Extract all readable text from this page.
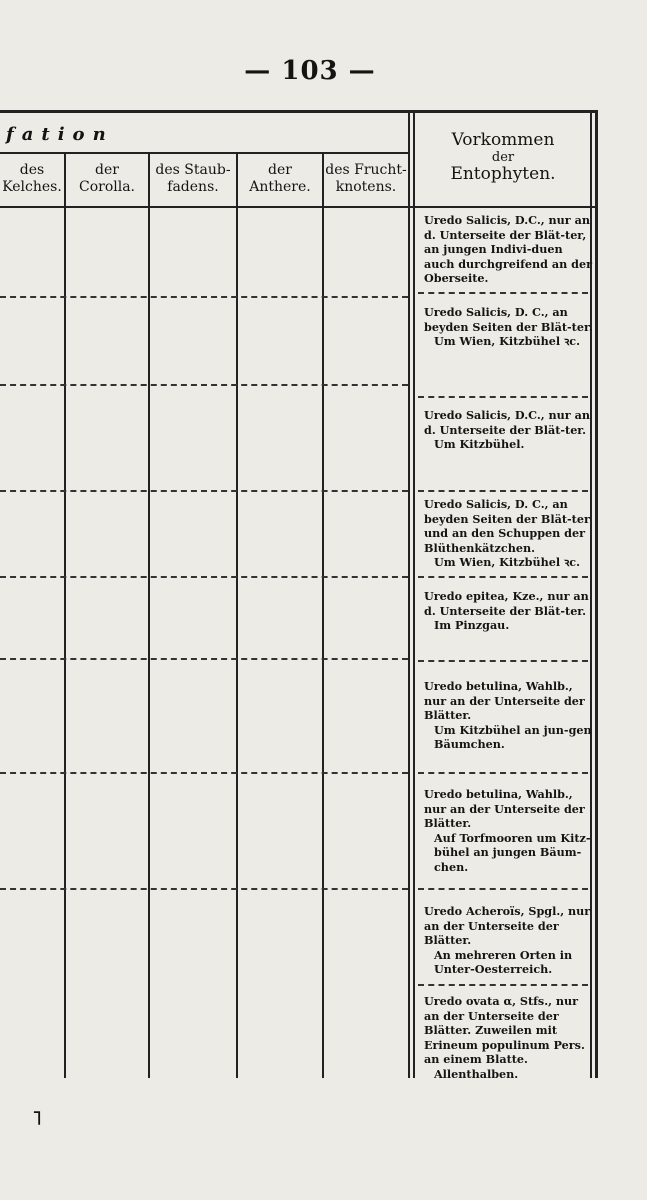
— 103 —
fation
des Kelches.
der Corolla.
des Staub-fadens.
der Anthere.
des Frucht-knotens.
Vorkommen
der
Entophyten.
Uredo Salicis, D.C., nur an d. Unterseite der Blät-ter, an jungen Indivi-duen auch durchgreifend an der Oberseite.
Uredo Salicis, D. C., an beyden Seiten der Blät-ter.
Um Wien, Kitzbühel ꝛc.
Uredo Salicis, D.C., nur an d. Unterseite der Blät-ter.
Um Kitzbühel.
Uredo Salicis, D. C., an beyden Seiten der Blät-ter und an den Schuppen der Blüthenkätzchen.
Um Wien, Kitzbühel ꝛc.
Uredo epitea, Kze., nur an d. Unterseite der Blät-ter.
Im Pinzgau.
Uredo betulina, Wahlb., nur an der Unterseite der Blätter.
Um Kitzbühel an jun-gen Bäumchen.
Uredo betulina, Wahlb., nur an der Unterseite der Blätter.
Auf Torfmooren um Kitz-bühel an jungen Bäum-chen.
Uredo Acheroïs, Spgl., nur an der Unterseite der Blätter.
An mehreren Orten in Unter-Oesterreich.
Uredo ovata α, Stfs., nur an der Unterseite der Blätter. Zuweilen mit Erineum populinum Pers. an einem Blatte.
Allenthalben.
˥
